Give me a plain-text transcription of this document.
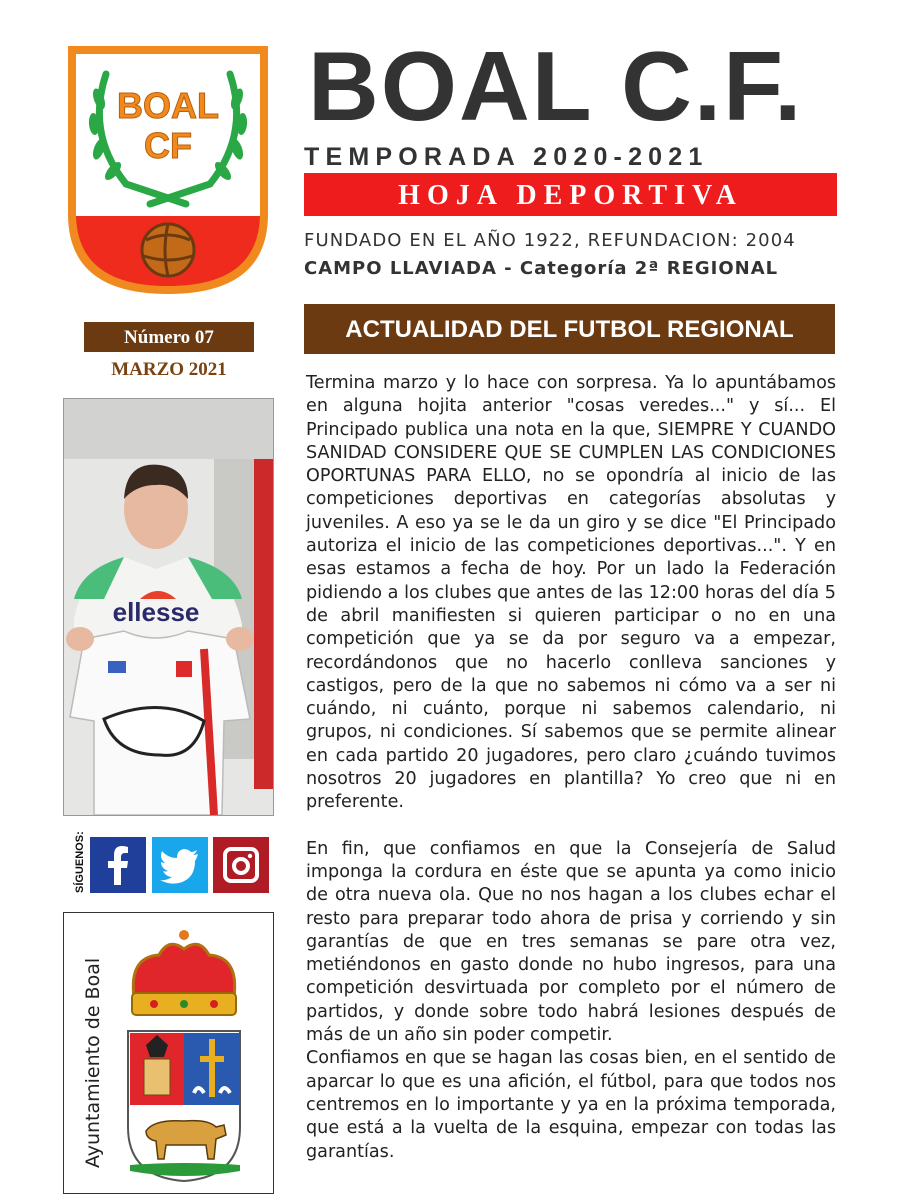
BOAL
CF
BOAL C.F.
TEMPORADA 2020-2021
HOJA DEPORTIVA
FUNDADO EN EL AÑO 1922, REFUNDACION: 2004
CAMPO LLAVIADA - Categoría 2ª REGIONAL
Número 07
MARZO 2021
ACTUALIDAD DEL FUTBOL REGIONAL
ellesse
SÍGUENOS:
Ayuntamiento de Boal

Termina marzo y lo hace con sorpresa. Ya lo apuntábamos en alguna hojita anterior "cosas veredes..." y sí... El Principado publica una nota en la que, SIEMPRE Y CUANDO SANIDAD CONSIDERE QUE SE CUMPLEN LAS CONDICIONES OPORTUNAS PARA ELLO, no se opondría al inicio de las competiciones deportivas en categorías absolutas y juveniles. A eso ya se le da un giro y se dice "El Principado autoriza el inicio de las competiciones deportivas...". Y en esas estamos a fecha de hoy. Por un lado la Federación pidiendo a los clubes que antes de las 12:00 horas del día 5 de abril manifiesten si quieren participar o no en una competición que ya se da por seguro va a empezar, recordándonos que no hacerlo conlleva sanciones y castigos, pero de la que no sabemos ni cómo va a ser ni cuándo, ni cuánto, porque ni sabemos calendario, ni grupos, ni condiciones. Sí sabemos que se permite alinear en cada partido 20 jugadores, pero claro ¿cuándo tuvimos nosotros 20 jugadores en plantilla? Yo creo que ni en preferente.

En fin, que confiamos en que la Consejería de Salud imponga la cordura en éste que se apunta ya como inicio de otra nueva ola. Que no nos hagan a los clubes echar el resto para preparar todo ahora de prisa y corriendo y sin garantías de que en tres semanas se pare otra vez, metiéndonos en gasto donde no hubo ingresos, para una competición desvirtuada por completo por el número de partidos, y donde sobre todo habrá lesiones después de más de un año sin poder competir.

Confiamos en que se hagan las cosas bien, en el sentido de aparcar lo que es una afición, el fútbol, para que todos nos centremos en lo importante y ya en la próxima temporada, que está a la vuelta de la esquina, empezar con todas las garantías.
